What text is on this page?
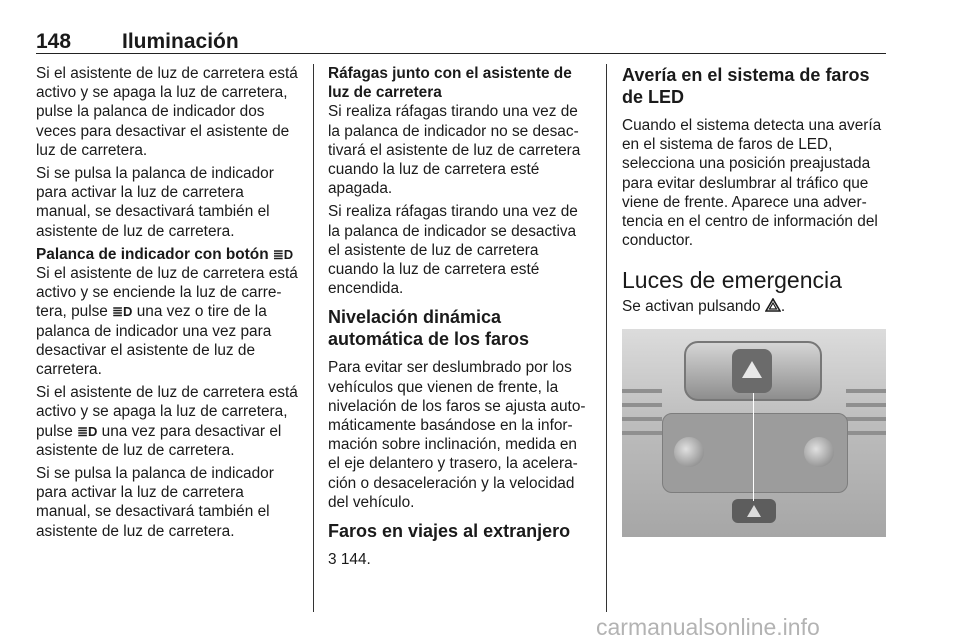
148 Iluminación

Si el asistente de luz de carretera está activo y se apaga la luz de carretera, pulse la palanca de indicador dos veces para desactivar el asistente de luz de carretera.

Si se pulsa la palanca de indicador para activar la luz de carretera manual, se desactivará también el asistente de luz de carretera.

Palanca de indicador con botón ≣D

Si el asistente de luz de carretera está activo y se enciende la luz de carre‐tera, pulse ≣D una vez o tire de la palanca de indicador una vez para desactivar el asistente de luz de carretera.

Si el asistente de luz de carretera está activo y se apaga la luz de carretera, pulse ≣D una vez para desactivar el asistente de luz de carretera.

Si se pulsa la palanca de indicador para activar la luz de carretera manual, se desactivará también el asistente de luz de carretera.

Ráfagas junto con el asistente de luz de carretera

Si realiza ráfagas tirando una vez de la palanca de indicador no se desac‐tivará el asistente de luz de carretera cuando la luz de carretera esté apagada.

Si realiza ráfagas tirando una vez de la palanca de indicador se desactiva el asistente de luz de carretera cuando la luz de carretera esté encendida.

Nivelación dinámica automática de los faros

Para evitar ser deslumbrado por los vehículos que vienen de frente, la nivelación de los faros se ajusta auto‐máticamente basándose en la infor‐mación sobre inclinación, medida en el eje delantero y trasero, la acelera‐ción o desaceleración y la velocidad del vehículo.

Faros en viajes al extranjero

3 144.

Avería en el sistema de faros de LED

Cuando el sistema detecta una avería en el sistema de faros de LED, selecciona una posición preajustada para evitar deslumbrar al tráfico que viene de frente. Aparece una adver‐tencia en el centro de información del conductor.

Luces de emergencia

Se activan pulsando .

carmanualsonline.info
